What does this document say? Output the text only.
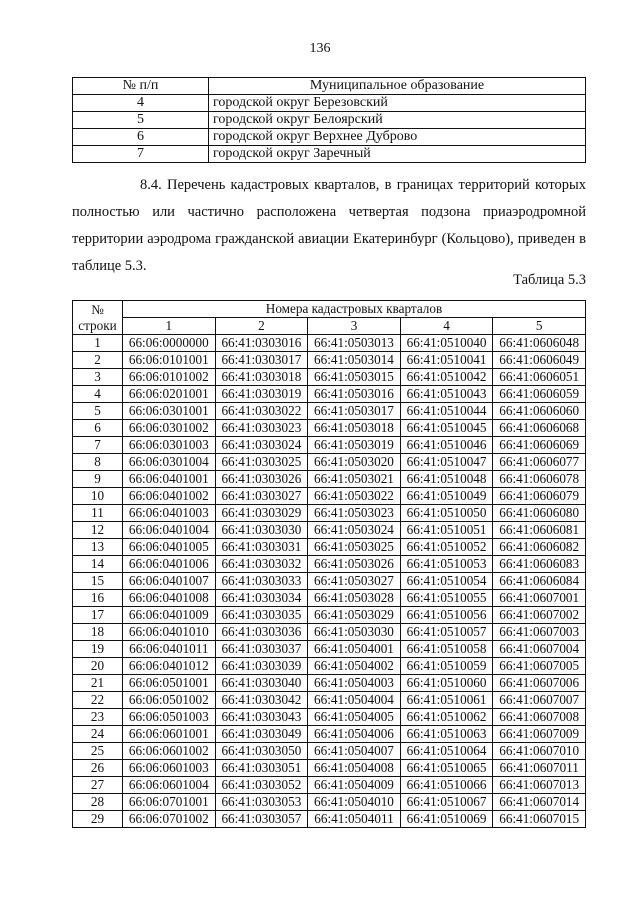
136
№ п/п	Муниципальное образование
4	городской округ Березовский
5	городской округ Белоярский
6	городской округ Верхнее Дуброво
7	городской округ Заречный

8.4. Перечень кадастровых кварталов, в границах территорий которых полностью или частично расположена четвертая подзона приаэродромной территории аэродрома гражданской авиации Екатеринбург (Кольцово), приведен в таблице 5.3.

Таблица 5.3
№
строки	Номера кадастровых кварталов				
	1	2	3	4	5
1	66:06:0000000	66:41:0303016	66:41:0503013	66:41:0510040	66:41:0606048
2	66:06:0101001	66:41:0303017	66:41:0503014	66:41:0510041	66:41:0606049
3	66:06:0101002	66:41:0303018	66:41:0503015	66:41:0510042	66:41:0606051
4	66:06:0201001	66:41:0303019	66:41:0503016	66:41:0510043	66:41:0606059
5	66:06:0301001	66:41:0303022	66:41:0503017	66:41:0510044	66:41:0606060
6	66:06:0301002	66:41:0303023	66:41:0503018	66:41:0510045	66:41:0606068
7	66:06:0301003	66:41:0303024	66:41:0503019	66:41:0510046	66:41:0606069
8	66:06:0301004	66:41:0303025	66:41:0503020	66:41:0510047	66:41:0606077
9	66:06:0401001	66:41:0303026	66:41:0503021	66:41:0510048	66:41:0606078
10	66:06:0401002	66:41:0303027	66:41:0503022	66:41:0510049	66:41:0606079
11	66:06:0401003	66:41:0303029	66:41:0503023	66:41:0510050	66:41:0606080
12	66:06:0401004	66:41:0303030	66:41:0503024	66:41:0510051	66:41:0606081
13	66:06:0401005	66:41:0303031	66:41:0503025	66:41:0510052	66:41:0606082
14	66:06:0401006	66:41:0303032	66:41:0503026	66:41:0510053	66:41:0606083
15	66:06:0401007	66:41:0303033	66:41:0503027	66:41:0510054	66:41:0606084
16	66:06:0401008	66:41:0303034	66:41:0503028	66:41:0510055	66:41:0607001
17	66:06:0401009	66:41:0303035	66:41:0503029	66:41:0510056	66:41:0607002
18	66:06:0401010	66:41:0303036	66:41:0503030	66:41:0510057	66:41:0607003
19	66:06:0401011	66:41:0303037	66:41:0504001	66:41:0510058	66:41:0607004
20	66:06:0401012	66:41:0303039	66:41:0504002	66:41:0510059	66:41:0607005
21	66:06:0501001	66:41:0303040	66:41:0504003	66:41:0510060	66:41:0607006
22	66:06:0501002	66:41:0303042	66:41:0504004	66:41:0510061	66:41:0607007
23	66:06:0501003	66:41:0303043	66:41:0504005	66:41:0510062	66:41:0607008
24	66:06:0601001	66:41:0303049	66:41:0504006	66:41:0510063	66:41:0607009
25	66:06:0601002	66:41:0303050	66:41:0504007	66:41:0510064	66:41:0607010
26	66:06:0601003	66:41:0303051	66:41:0504008	66:41:0510065	66:41:0607011
27	66:06:0601004	66:41:0303052	66:41:0504009	66:41:0510066	66:41:0607013
28	66:06:0701001	66:41:0303053	66:41:0504010	66:41:0510067	66:41:0607014
29	66:06:0701002	66:41:0303057	66:41:0504011	66:41:0510069	66:41:0607015
